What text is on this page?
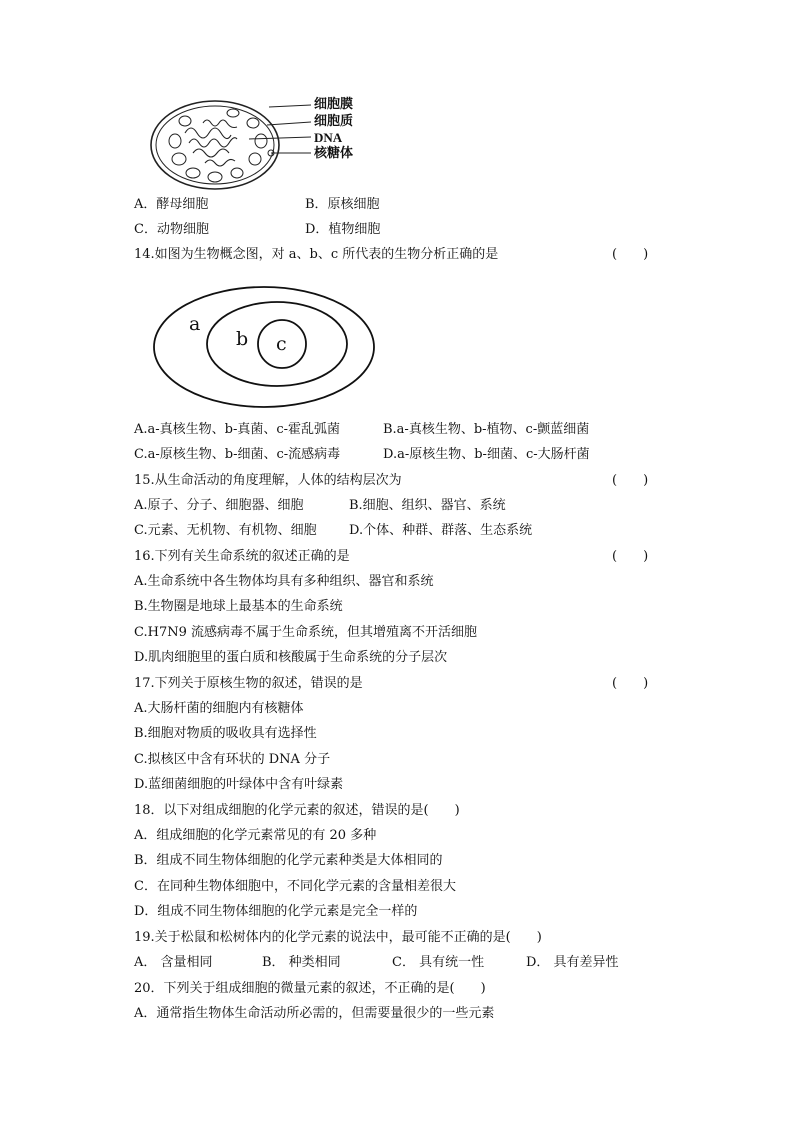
细胞膜
细胞质
DNA
核糖体
A．酵母细胞	B．原核细胞
C．动物细胞	D．植物细胞
14.如图为生物概念图，对 a、b、c 所代表的生物分析正确的是	(　　)
a
b c
A.a-真核生物、b-真菌、c-霍乱弧菌	B.a-真核生物、b-植物、c-颤蓝细菌
C.a-原核生物、b-细菌、c-流感病毒	D.a-原核生物、b-细菌、c-大肠杆菌
15.从生命活动的角度理解，人体的结构层次为	(　　)
A.原子、分子、细胞器、细胞	B.细胞、组织、器官、系统
C.元素、无机物、有机物、细胞 D.个体、种群、群落、生态系统
16.下列有关生命系统的叙述正确的是	(　　)
A.生命系统中各生物体均具有多种组织、器官和系统
B.生物圈是地球上最基本的生命系统
C.H7N9 流感病毒不属于生命系统，但其增殖离不开活细胞
D.肌肉细胞里的蛋白质和核酸属于生命系统的分子层次
17.下列关于原核生物的叙述，错误的是	(　　)
A.大肠杆菌的细胞内有核糖体
B.细胞对物质的吸收具有选择性
C.拟核区中含有环状的 DNA 分子
D.蓝细菌细胞的叶绿体中含有叶绿素
18．以下对组成细胞的化学元素的叙述，错误的是(　　)
A．组成细胞的化学元素常见的有 20 多种
B．组成不同生物体细胞的化学元素种类是大体相同的
C．在同种生物体细胞中，不同化学元素的含量相差很大
D．组成不同生物体细胞的化学元素是完全一样的
19.关于松鼠和松树体内的化学元素的说法中，最可能不正确的是(　　)
A． 含量相同	B． 种类相同	C． 具有统一性	D． 具有差异性
20．下列关于组成细胞的微量元素的叙述，不正确的是(　　)
A．通常指生物体生命活动所必需的，但需要量很少的一些元素
